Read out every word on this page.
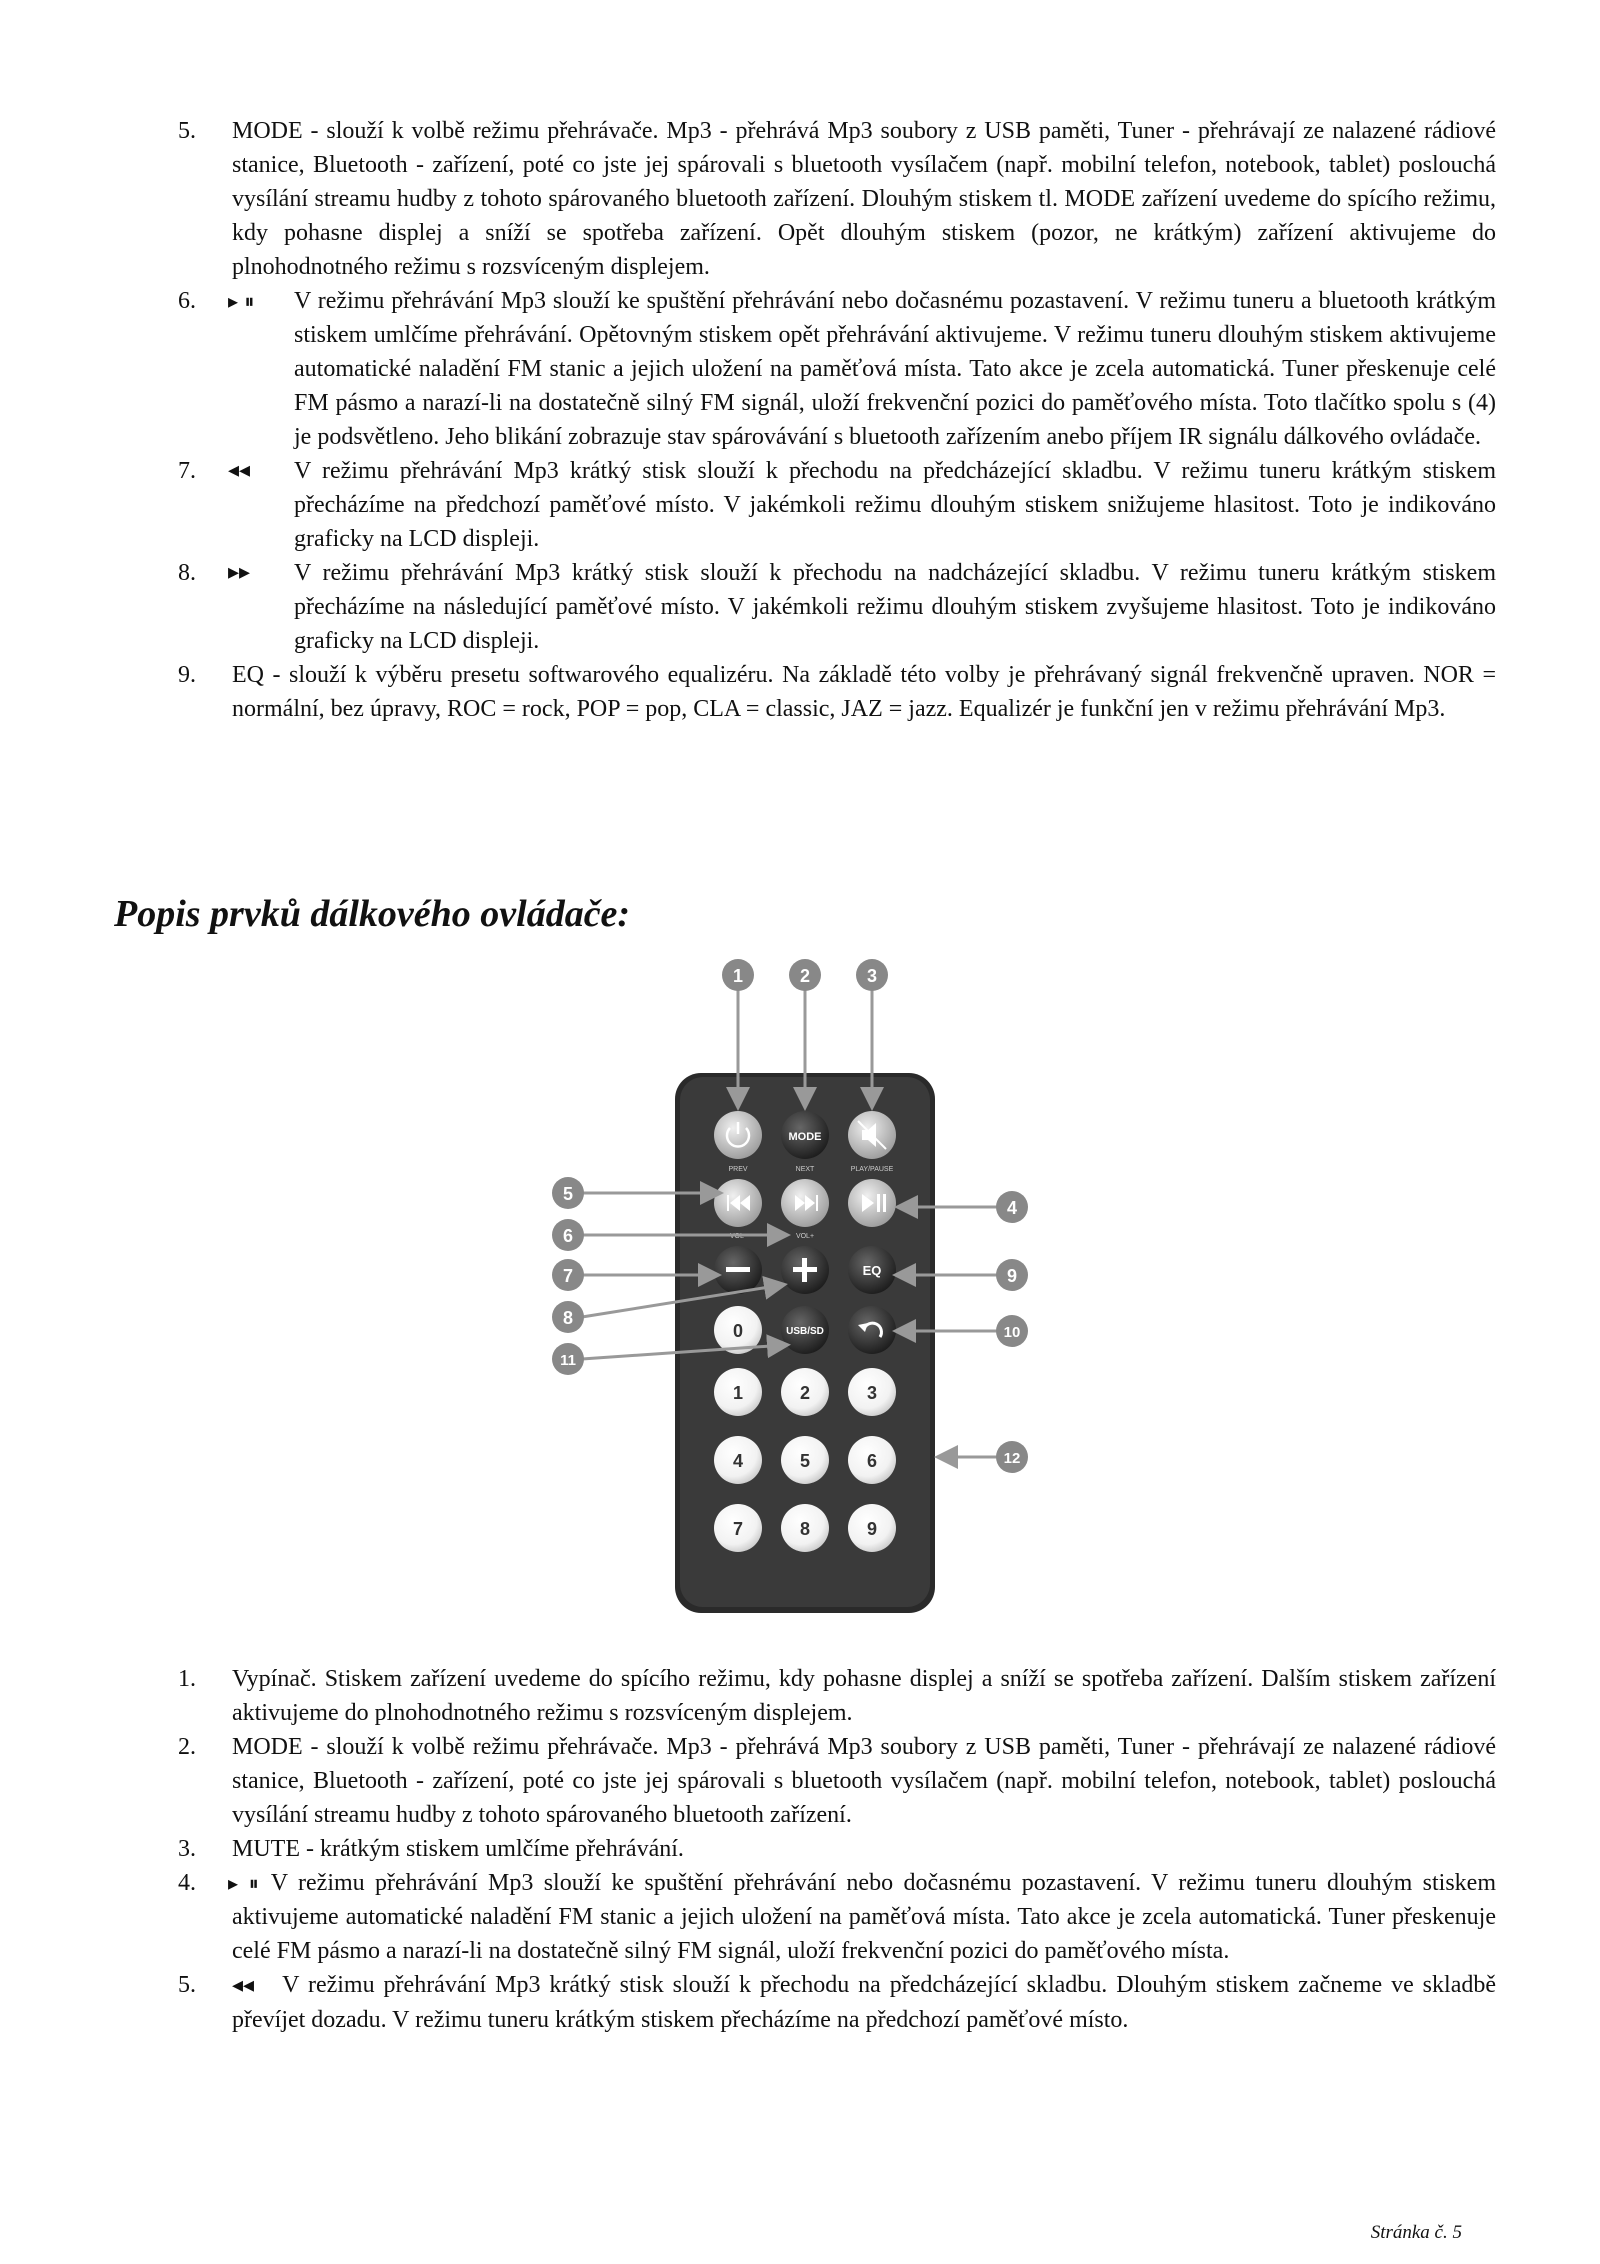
5. MODE - slouží k volbě režimu přehrávače. Mp3 - přehrává Mp3 soubory z USB paměti, Tuner - přehrávají ze nalazené rádiové stanice, Bluetooth - zařízení, poté co jste jej spárovali s bluetooth vysílačem (např. mobilní telefon, notebook, tablet) poslouchá vysílání streamu hudby z tohoto spárovaného bluetooth zařízení. Dlouhým stiskem tl. MODE zařízení uvedeme do spícího režimu, kdy pohasne displej a sníží se spotřeba zařízení. Opět dlouhým stiskem (pozor, ne krátkým) zařízení aktivujeme do plnohodnotného režimu s rozsvíceným displejem.
6. ▸ ⏸ V režimu přehrávání Mp3 slouží ke spuštění přehrávání nebo dočasnému pozastavení. V režimu tuneru a bluetooth krátkým stiskem umlčíme přehrávání. Opětovným stiskem opět přehrávání aktivujeme. V režimu tuneru dlouhým stiskem aktivujeme automatické naladění FM stanic a jejich uložení na paměťová místa. Tato akce je zcela automatická. Tuner přeskenuje celé FM pásmo a narazí-li na dostatečně silný FM signál, uloží frekvenční pozici do paměťového místa. Toto tlačítko spolu s (4) je podsvětleno. Jeho blikání zobrazuje stav spárovávání s bluetooth zařízením anebo příjem IR signálu dálkového ovládače.
7. ◂◂ V režimu přehrávání Mp3 krátký stisk slouží k přechodu na předcházející skladbu. V režimu tuneru krátkým stiskem přecházíme na předchozí paměťové místo. V jakémkoli režimu dlouhým stiskem snižujeme hlasitost. Toto je indikováno graficky na LCD displeji.
8. ▸▸ V režimu přehrávání Mp3 krátký stisk slouží k přechodu na nadcházející skladbu. V režimu tuneru krátkým stiskem přecházíme na následující paměťové místo. V jakémkoli režimu dlouhým stiskem zvyšujeme hlasitost. Toto je indikováno graficky na LCD displeji.
9. EQ - slouží k výběru presetu softwarového equalizéru. Na základě této volby je přehrávaný signál frekvenčně upraven. NOR = normální, bez úpravy, ROC = rock, POP = pop, CLA = classic, JAZ = jazz. Equalizér je funkční jen v režimu přehrávání Mp3.
Popis prvků dálkového ovládače:
MODE
PREV	NEXT	PLAY/PAUSE
VOL-	VOL+
EQ
0	USB/SD
1	2	3
4	5	6
7	8	9
1	2	3
4
5
6
7
8
9
10
11
12
1. Vypínač. Stiskem zařízení uvedeme do spícího režimu, kdy pohasne displej a sníží se spotřeba zařízení. Dalším stiskem zařízení aktivujeme do plnohodnotného režimu s rozsvíceným displejem.
2. MODE - slouží k volbě režimu přehrávače. Mp3 - přehrává Mp3 soubory z USB paměti, Tuner - přehrávají ze nalazené rádiové stanice, Bluetooth - zařízení, poté co jste jej spárovali s bluetooth vysílačem (např. mobilní telefon, notebook, tablet) poslouchá vysílání streamu hudby z tohoto spárovaného bluetooth zařízení.
3. MUTE - krátkým stiskem umlčíme přehrávání.
4. ▸ ⏸ V režimu přehrávání Mp3 slouží ke spuštění přehrávání nebo dočasnému pozastavení. V režimu tuneru dlouhým stiskem aktivujeme automatické naladění FM stanic a jejich uložení na paměťová místa. Tato akce je zcela automatická. Tuner přeskenuje celé FM pásmo a narazí-li na dostatečně silný FM signál, uloží frekvenční pozici do paměťového místa.
5. ◂◂ V režimu přehrávání Mp3 krátký stisk slouží k přechodu na předcházející skladbu. Dlouhým stiskem začneme ve skladbě převíjet dozadu. V režimu tuneru krátkým stiskem přecházíme na předchozí paměťové místo.
Stránka č. 5
